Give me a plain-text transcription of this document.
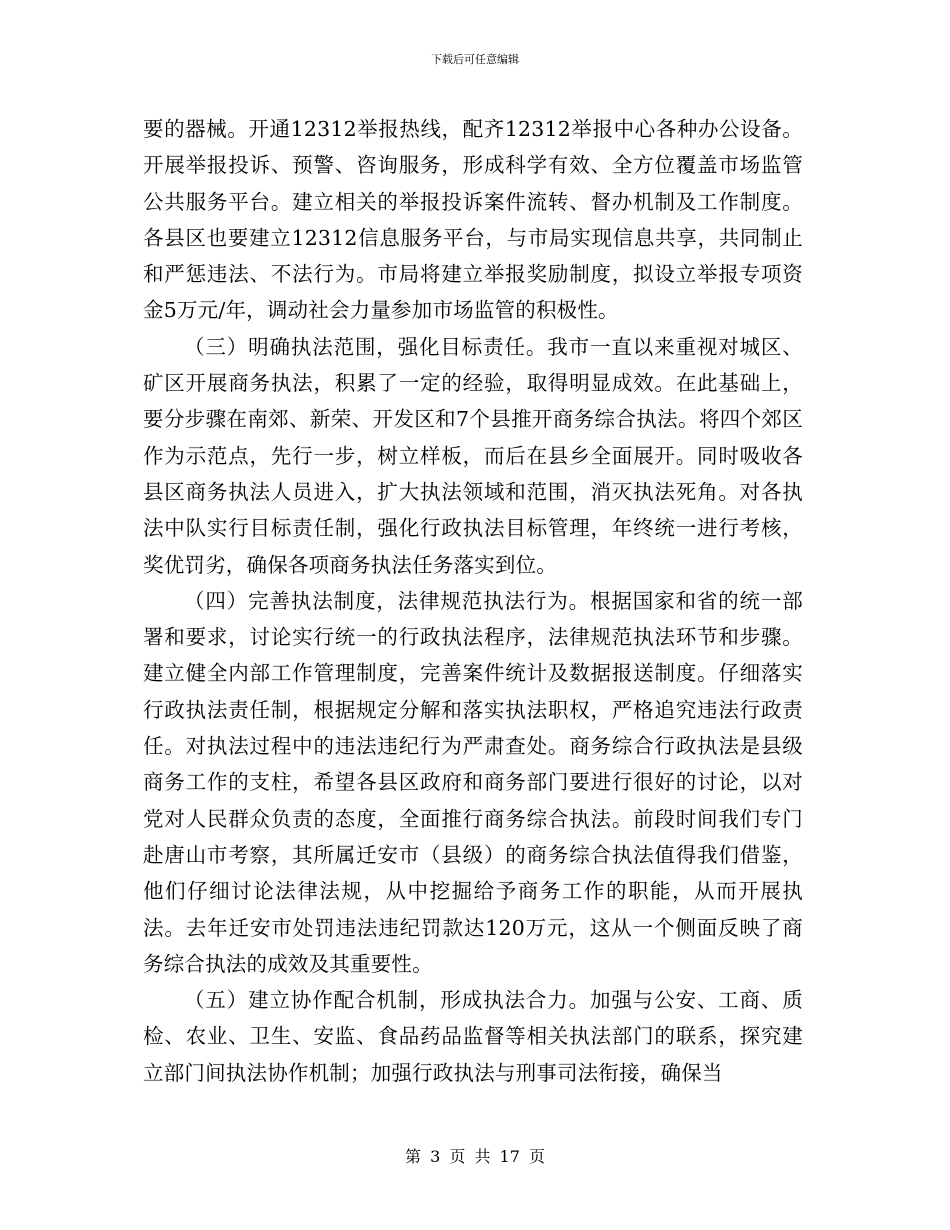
下载后可任意编辑

要的器械。开通12312举报热线，配齐12312举报中心各种办公设备。开展举报投诉、预警、咨询服务，形成科学有效、全方位覆盖市场监管公共服务平台。建立相关的举报投诉案件流转、督办机制及工作制度。各县区也要建立12312信息服务平台，与市局实现信息共享，共同制止和严惩违法、不法行为。市局将建立举报奖励制度，拟设立举报专项资金5万元/年，调动社会力量参加市场监管的积极性。

（三）明确执法范围，强化目标责任。我市一直以来重视对城区、矿区开展商务执法，积累了一定的经验，取得明显成效。在此基础上，要分步骤在南郊、新荣、开发区和7个县推开商务综合执法。将四个郊区作为示范点，先行一步，树立样板，而后在县乡全面展开。同时吸收各县区商务执法人员进入，扩大执法领域和范围，消灭执法死角。对各执法中队实行目标责任制，强化行政执法目标管理，年终统一进行考核，奖优罚劣，确保各项商务执法任务落实到位。

（四）完善执法制度，法律规范执法行为。根据国家和省的统一部署和要求，讨论实行统一的行政执法程序，法律规范执法环节和步骤。建立健全内部工作管理制度，完善案件统计及数据报送制度。仔细落实行政执法责任制，根据规定分解和落实执法职权，严格追究违法行政责任。对执法过程中的违法违纪行为严肃查处。商务综合行政执法是县级商务工作的支柱，希望各县区政府和商务部门要进行很好的讨论，以对党对人民群众负责的态度，全面推行商务综合执法。前段时间我们专门赴唐山市考察，其所属迁安市（县级）的商务综合执法值得我们借鉴，他们仔细讨论法律法规，从中挖掘给予商务工作的职能，从而开展执法。去年迁安市处罚违法违纪罚款达120万元，这从一个侧面反映了商务综合执法的成效及其重要性。

（五）建立协作配合机制，形成执法合力。加强与公安、工商、质检、农业、卫生、安监、食品药品监督等相关执法部门的联系，探究建立部门间执法协作机制；加强行政执法与刑事司法衔接，确保当

第 3 页 共 17 页
